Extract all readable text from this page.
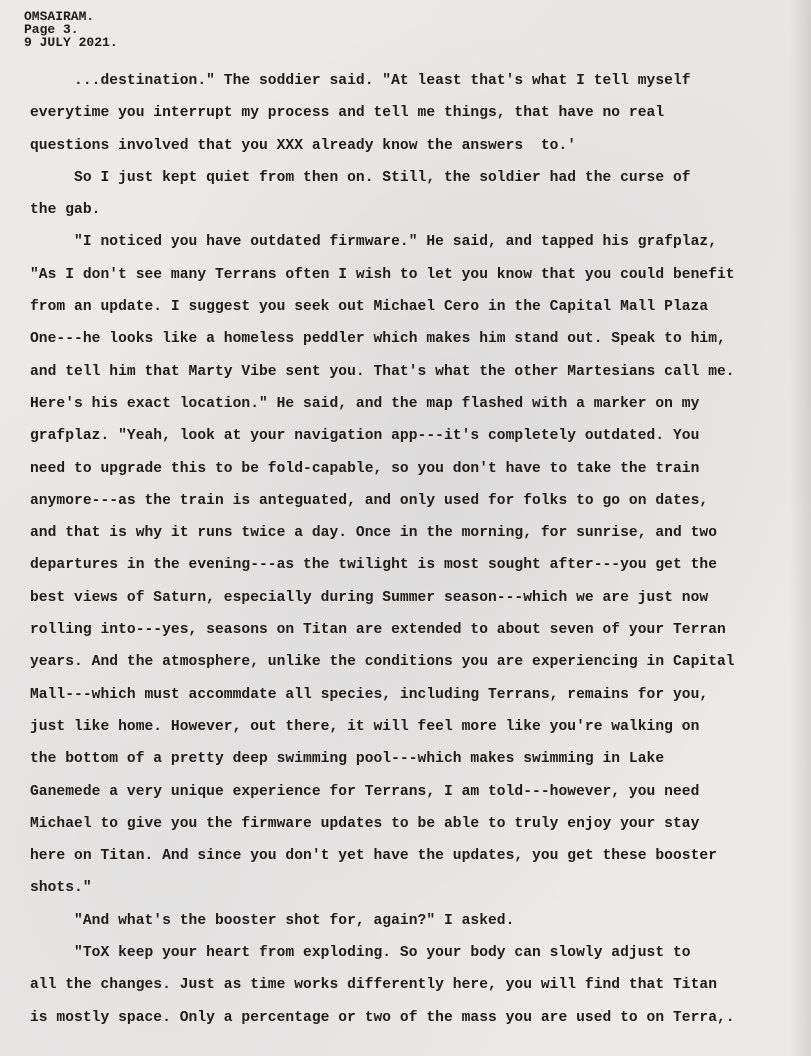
OMSAIRAM.
Page 3.
9 JULY 2021.
...destination." The soddier said. "At least that's what I tell myself
everytime you interrupt my process and tell me things, that have no real
questions involved that you XXX already know the answers  to.'
So I just kept quiet from then on. Still, the soldier had the curse of
the gab.
"I noticed you have outdated firmware." He said, and tapped his grafplaz,
"As I don't see many Terrans often I wish to let you know that you could benefit
from an update. I suggest you seek out Michael Cero in the Capital Mall Plaza
One---he looks like a homeless peddler which makes him stand out. Speak to him,
and tell him that Marty Vibe sent you. That's what the other Martesians call me.
Here's his exact location." He said, and the map flashed with a marker on my
grafplaz. "Yeah, look at your navigation app---it's completely outdated. You
need to upgrade this to be fold-capable, so you don't have to take the train
anymore---as the train is anteguated, and only used for folks to go on dates,
and that is why it runs twice a day. Once in the morning, for sunrise, and two
departures in the evening---as the twilight is most sought after---you get the
best views of Saturn, especially during Summer season---which we are just now
rolling into---yes, seasons on Titan are extended to about seven of your Terran
years. And the atmosphere, unlike the conditions you are experiencing in Capital
Mall---which must accommdate all species, including Terrans, remains for you,
just like home. However, out there, it will feel more like you're walking on
the bottom of a pretty deep swimming pool---which makes swimming in Lake
Ganemede a very unique experience for Terrans, I am told---however, you need
Michael to give you the firmware updates to be able to truly enjoy your stay
here on Titan. And since you don't yet have the updates, you get these booster
shots."
"And what's the booster shot for, again?" I asked.
"ToX keep your heart from exploding. So your body can slowly adjust to
all the changes. Just as time works differently here, you will find that Titan
is mostly space. Only a percentage or two of the mass you are used to on Terra,.
